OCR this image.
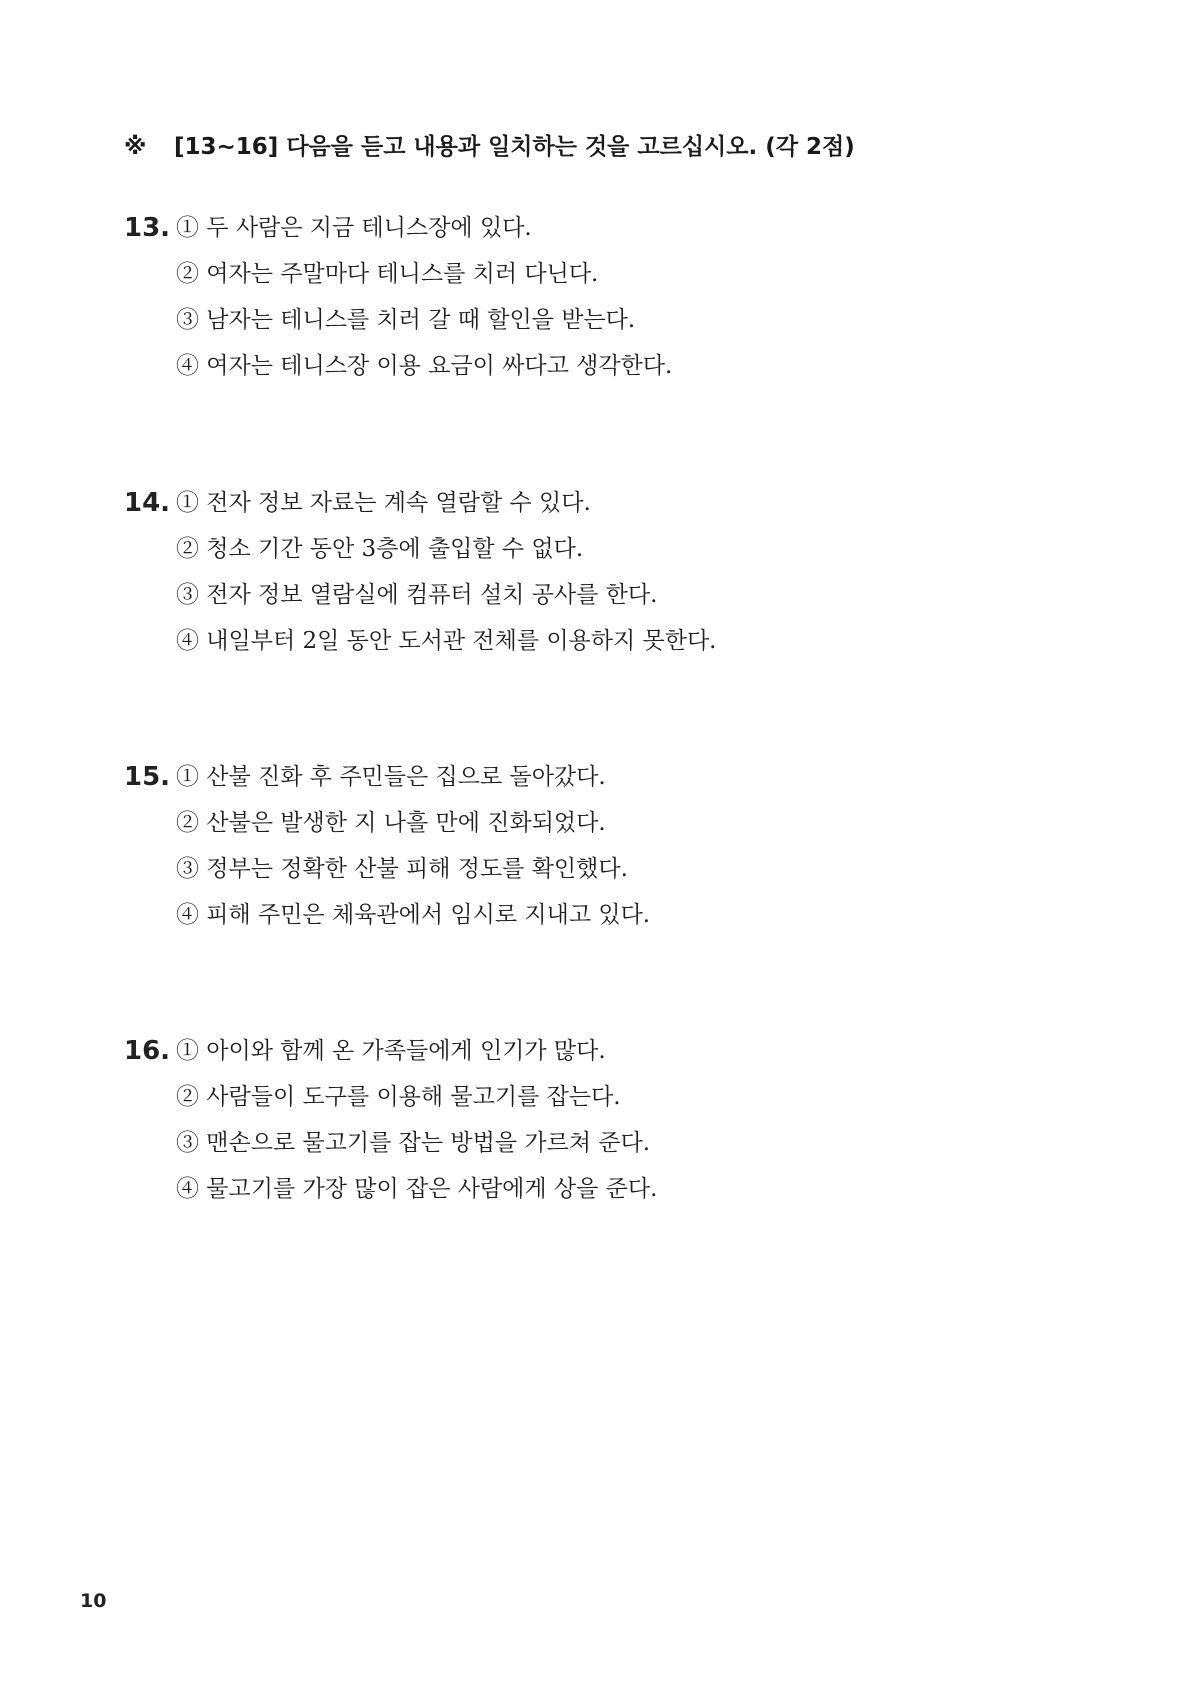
※ [13~16] 다음을 듣고 내용과 일치하는 것을 고르십시오. (각 2점)
13. ① 두 사람은 지금 테니스장에 있다.
② 여자는 주말마다 테니스를 치러 다닌다.
③ 남자는 테니스를 치러 갈 때 할인을 받는다.
④ 여자는 테니스장 이용 요금이 싸다고 생각한다.
14. ① 전자 정보 자료는 계속 열람할 수 있다.
② 청소 기간 동안 3층에 출입할 수 없다.
③ 전자 정보 열람실에 컴퓨터 설치 공사를 한다.
④ 내일부터 2일 동안 도서관 전체를 이용하지 못한다.
15. ① 산불 진화 후 주민들은 집으로 돌아갔다.
② 산불은 발생한 지 나흘 만에 진화되었다.
③ 정부는 정확한 산불 피해 정도를 확인했다.
④ 피해 주민은 체육관에서 임시로 지내고 있다.
16. ① 아이와 함께 온 가족들에게 인기가 많다.
② 사람들이 도구를 이용해 물고기를 잡는다.
③ 맨손으로 물고기를 잡는 방법을 가르쳐 준다.
④ 물고기를 가장 많이 잡은 사람에게 상을 준다.
10
